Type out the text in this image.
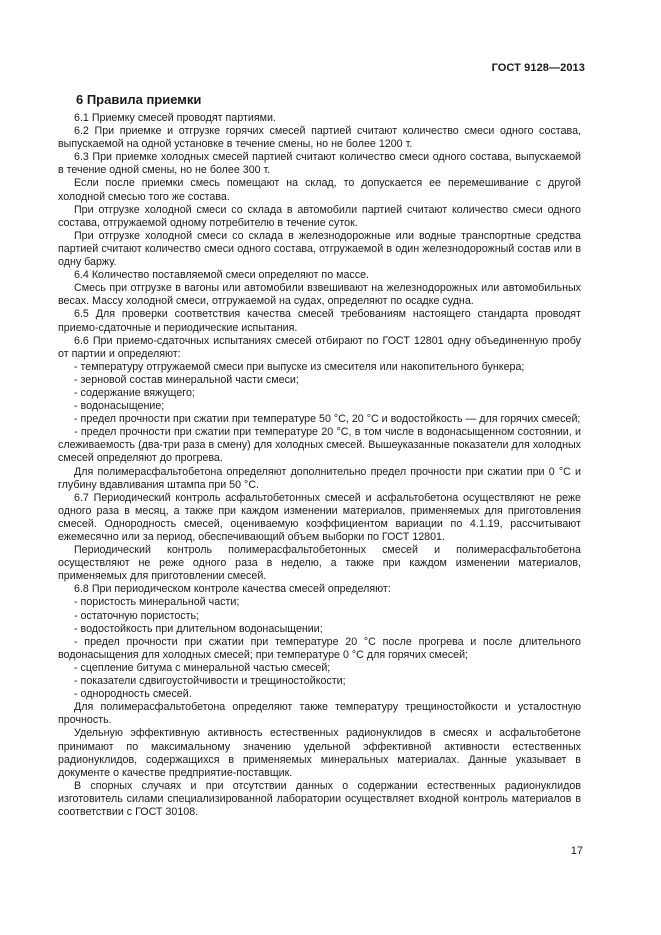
ГОСТ 9128—2013
6 Правила приемки

6.1 Приемку смесей проводят партиями.

6.2 При приемке и отгрузке горячих смесей партией считают количество смеси одного состава, выпускаемой на одной установке в течение смены, но не более 1200 т.

6.3 При приемке холодных смесей партией считают количество смеси одного состава, выпускаемой в течение одной смены, но не более 300 т.

Если после приемки смесь помещают на склад, то допускается ее перемешивание с другой холодной смесью того же состава.

При отгрузке холодной смеси со склада в автомобили партией считают количество смеси одного состава, отгружаемой одному потребителю в течение суток.

При отгрузке холодной смеси со склада в железнодорожные или водные транспортные средства партией считают количество смеси одного состава, отгружаемой в один железнодорожный состав или в одну баржу.

6.4 Количество поставляемой смеси определяют по массе.

Смесь при отгрузке в вагоны или автомобили взвешивают на железнодорожных или автомобильных весах. Массу холодной смеси, отгружаемой на судах, определяют по осадке судна.

6.5 Для проверки соответствия качества смесей требованиям настоящего стандарта проводят приемо-сдаточные и периодические испытания.

6.6 При приемо-сдаточных испытаниях смесей отбирают по ГОСТ 12801 одну объединенную пробу от партии и определяют:

- температуру отгружаемой смеси при выпуске из смесителя или накопительного бункера;

- зерновой состав минеральной части смеси;

- содержание вяжущего;

- водонасыщение;

- предел прочности при сжатии при температуре 50 °С, 20 °С и водостойкость — для горячих смесей;

- предел прочности при сжатии при температуре 20 °С, в том числе в водонасыщенном состоянии, и слеживаемость (два-три раза в смену) для холодных смесей. Вышеуказанные показатели для холодных смесей определяют до прогрева.

Для полимерасфальтобетона определяют дополнительно предел прочности при сжатии при 0 °С и глубину вдавливания штампа при 50 °С.

6.7 Периодический контроль асфальтобетонных смесей и асфальтобетона осуществляют не реже одного раза в месяц, а также при каждом изменении материалов, применяемых для приготовления смесей. Однородность смесей, оцениваемую коэффициентом вариации по 4.1.19, рассчитывают ежемесячно или за период, обеспечивающий объем выборки по ГОСТ 12801.

Периодический контроль полимерасфальтобетонных смесей и полимерасфальтобетона осуществляют не реже одного раза в неделю, а также при каждом изменении материалов, применяемых для приготовлении смесей.

6.8 При периодическом контроле качества смесей определяют:

- пористость минеральной части;

- остаточную пористость;

- водостойкость при длительном водонасыщении;

- предел прочности при сжатии при температуре 20 °С после прогрева и после длительного водонасыщения для холодных смесей; при температуре 0 °С для горячих смесей;

- сцепление битума с минеральной частью смесей;

- показатели сдвигоустойчивости и трещиностойкости;

- однородность смесей.

Для полимерасфальтобетона определяют также температуру трещиностойкости и усталостную прочность.

Удельную эффективную активность естественных радионуклидов в смесях и асфальтобетоне принимают по максимальному значению удельной эффективной активности естественных радионуклидов, содержащихся в применяемых минеральных материалах. Данные указывает в документе о качестве предприятие-поставщик.

В спорных случаях и при отсутствии данных о содержании естественных радионуклидов изготовитель силами специализированной лаборатории осуществляет входной контроль материалов в соответствии с ГОСТ 30108.

17
